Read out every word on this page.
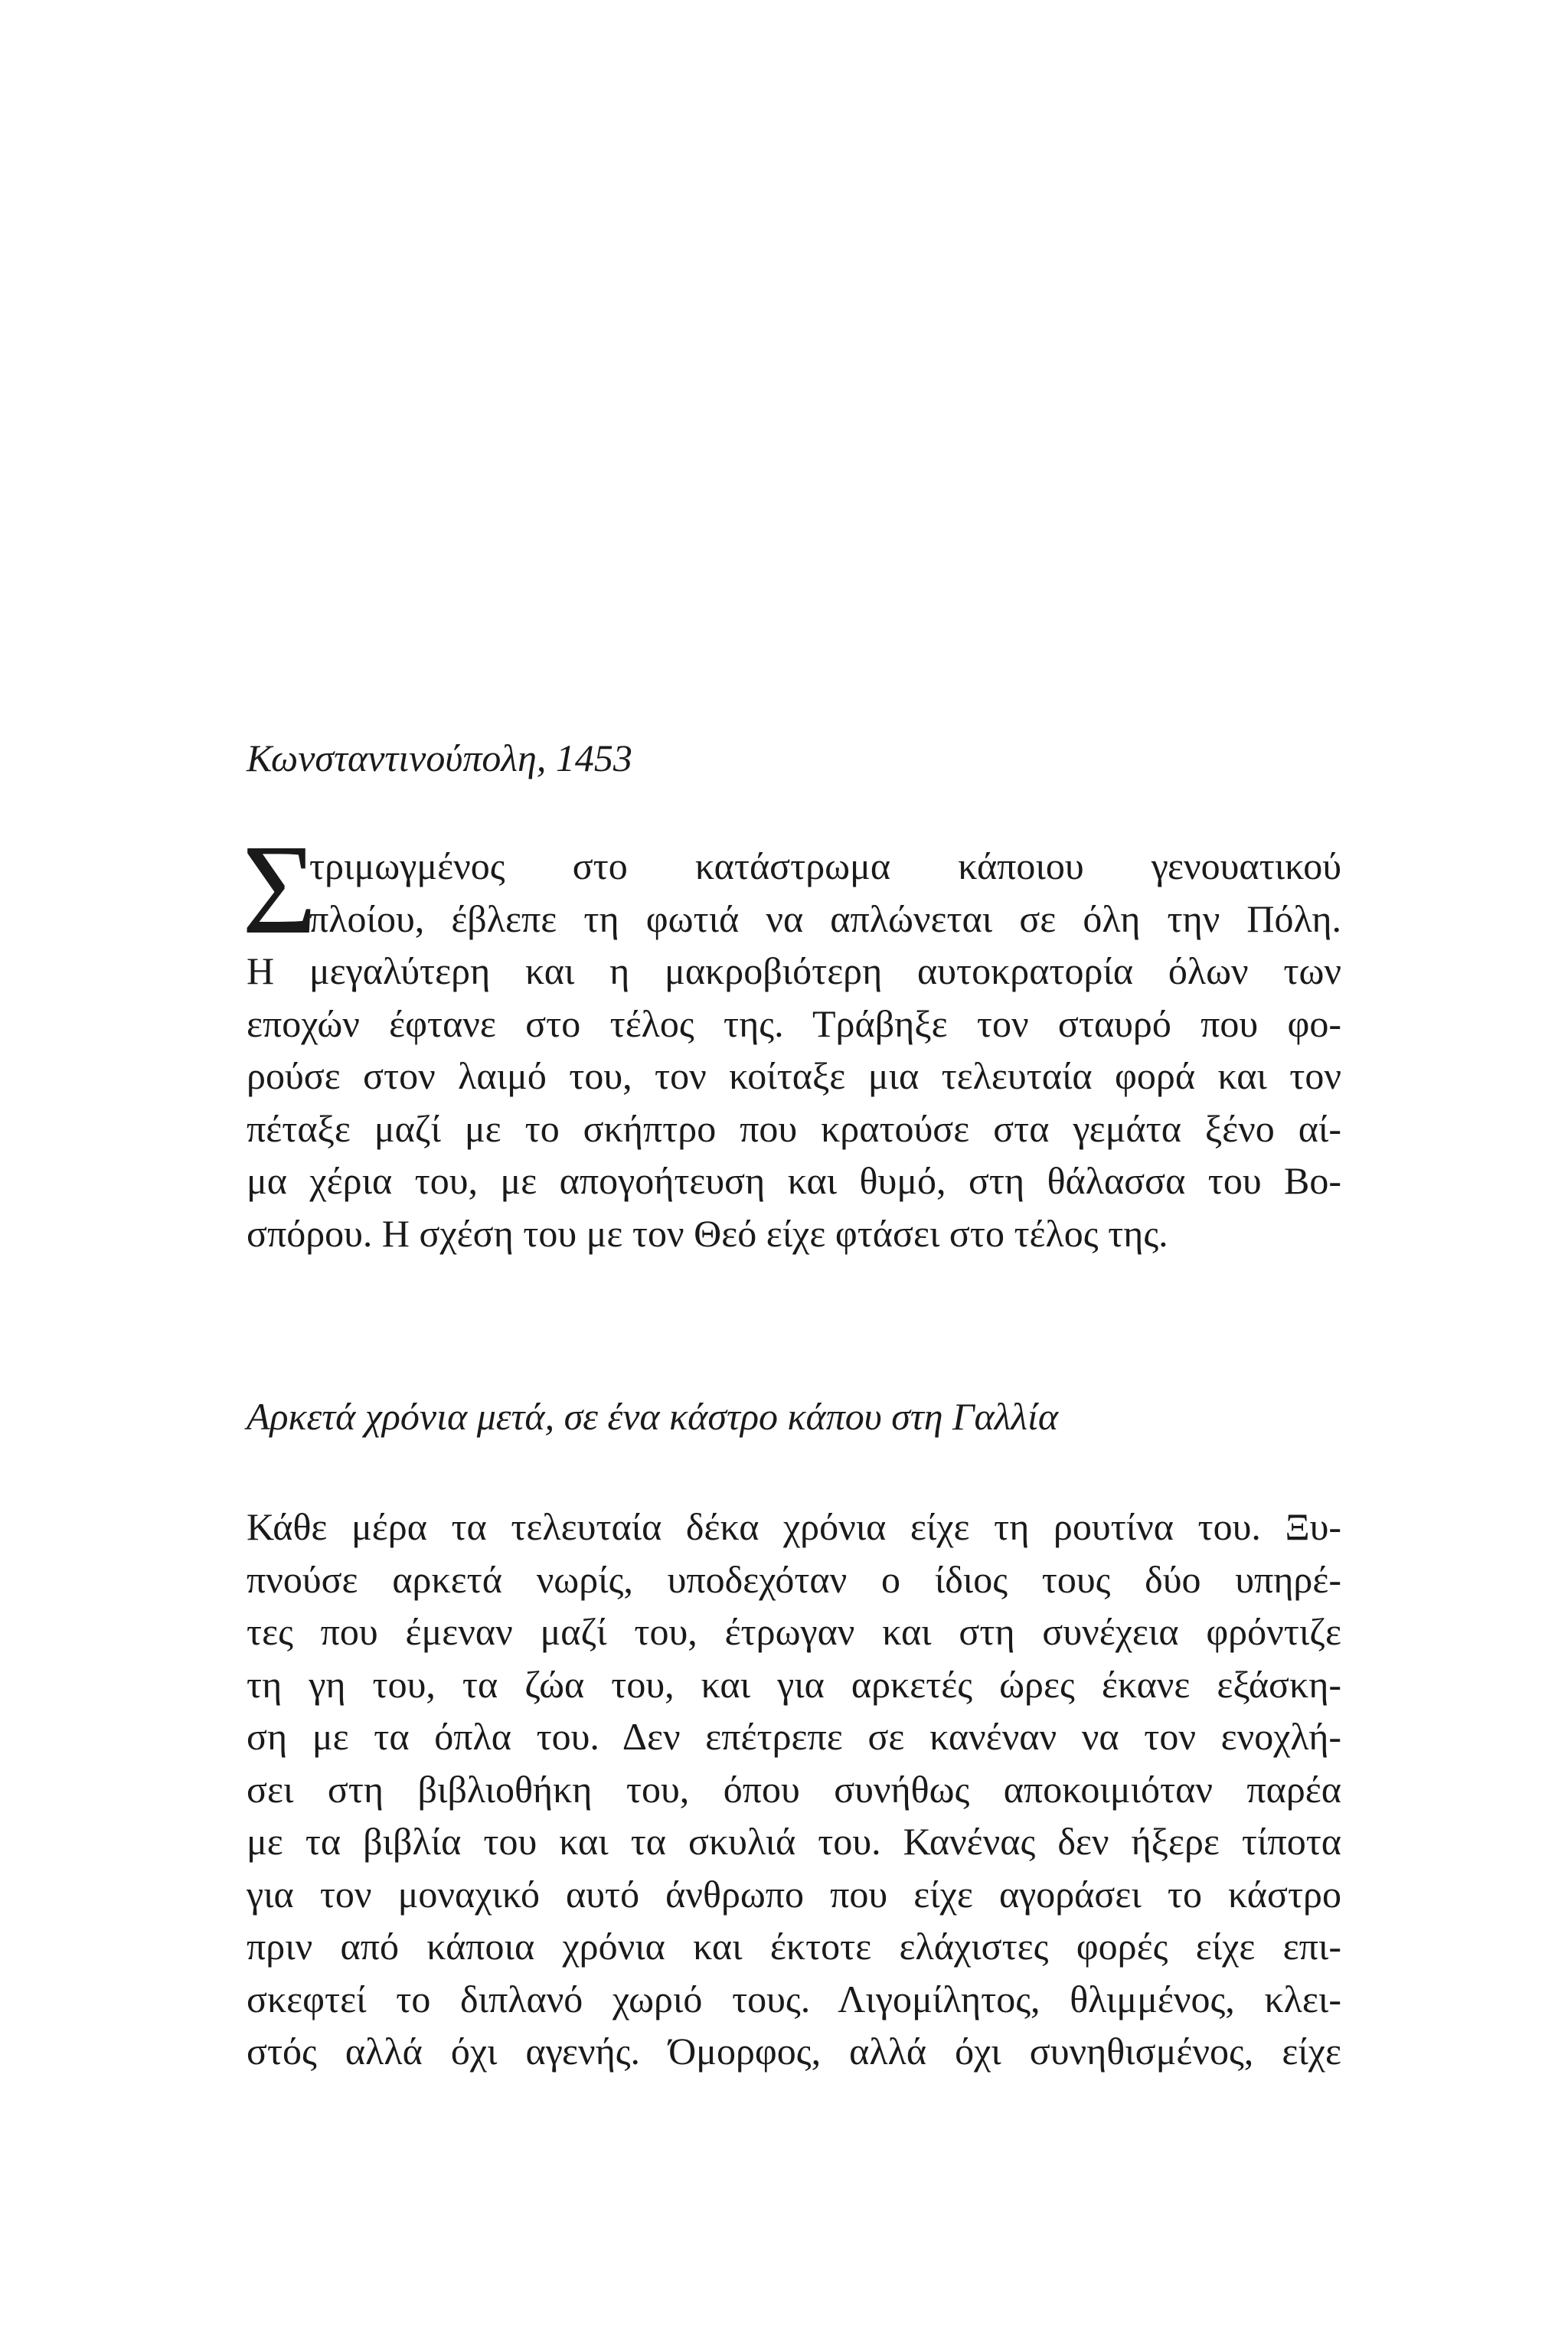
Κωνσταντινούπολη, 1453
Σ
τριμωγμένος στο κατάστρωμα κάποιου γενουατικού
πλοίου, έβλεπε τη φωτιά να απλώνεται σε όλη την Πόλη.
Η μεγαλύτερη και η μακροβιότερη αυτοκρατορία όλων των
εποχών έφτανε στο τέλος της. Τράβηξε τον σταυρό που φο-
ρούσε στον λαιμό του, τον κοίταξε μια τελευταία φορά και τον
πέταξε μαζί με το σκήπτρο που κρατούσε στα γεμάτα ξένο αί-
μα χέρια του, με απογοήτευση και θυμό, στη θάλασσα του Βο-
σπόρου. Η σχέση του με τον Θεό είχε φτάσει στο τέλος της.
Αρκετά χρόνια μετά, σε ένα κάστρο κάπου στη Γαλλία
Κάθε μέρα τα τελευταία δέκα χρόνια είχε τη ρουτίνα του. Ξυ-
πνούσε αρκετά νωρίς, υποδεχόταν ο ίδιος τους δύο υπηρέ-
τες που έμεναν μαζί του, έτρωγαν και στη συνέχεια φρόντιζε
τη γη του, τα ζώα του, και για αρκετές ώρες έκανε εξάσκη-
ση με τα όπλα του. Δεν επέτρεπε σε κανέναν να τον ενοχλή-
σει στη βιβλιοθήκη του, όπου συνήθως αποκοιμιόταν παρέα
με τα βιβλία του και τα σκυλιά του. Κανένας δεν ήξερε τίποτα
για τον μοναχικό αυτό άνθρωπο που είχε αγοράσει το κάστρο
πριν από κάποια χρόνια και έκτοτε ελάχιστες φορές είχε επι-
σκεφτεί το διπλανό χωριό τους. Λιγομίλητος, θλιμμένος, κλει-
στός αλλά όχι αγενής. Όμορφος, αλλά όχι συνηθισμένος, είχε
